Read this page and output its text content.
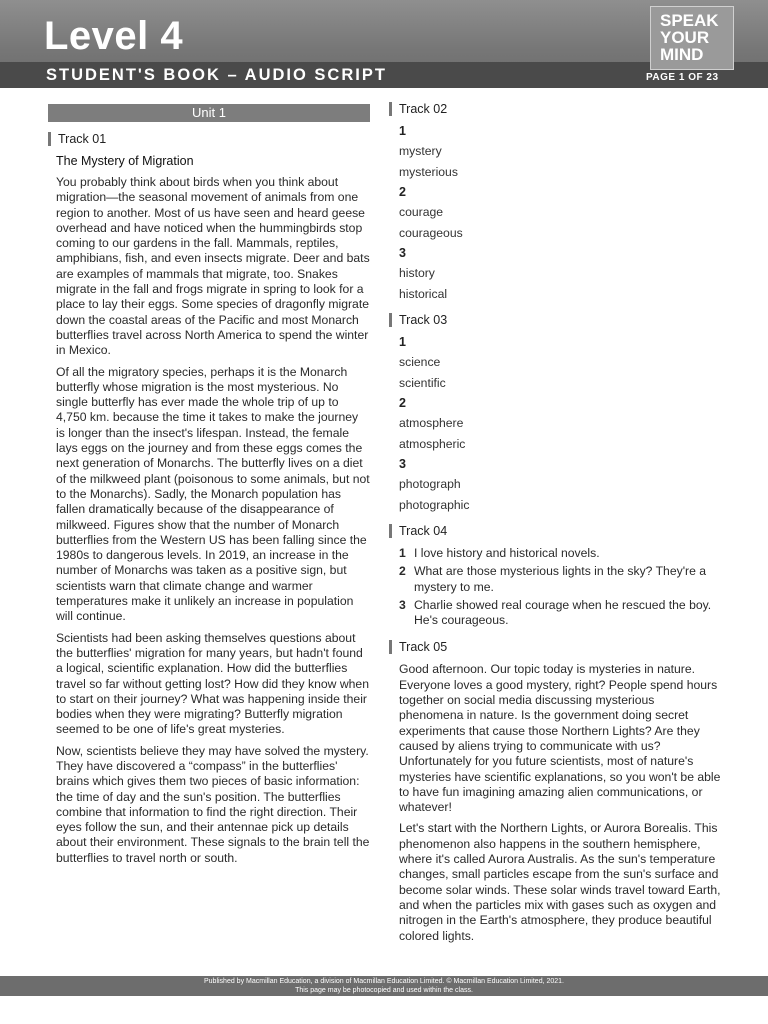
Level 4
STUDENT'S BOOK – AUDIO SCRIPT
SPEAK
YOUR
MIND
PAGE 1 OF 23
Unit 1
Track 01
The Mystery of Migration

You probably think about birds when you think about migration—the seasonal movement of animals from one region to another. Most of us have seen and heard geese overhead and have noticed when the hummingbirds stop coming to our gardens in the fall. Mammals, reptiles, amphibians, fish, and even insects migrate. Deer and bats are examples of mammals that migrate, too. Snakes migrate in the fall and frogs migrate in spring to look for a place to lay their eggs. Some species of dragonfly migrate down the coastal areas of the Pacific and most Monarch butterflies travel across North America to spend the winter in Mexico.

Of all the migratory species, perhaps it is the Monarch butterfly whose migration is the most mysterious. No single butterfly has ever made the whole trip of up to 4,750 km. because the time it takes to make the journey is longer than the insect's lifespan. Instead, the female lays eggs on the journey and from these eggs comes the next generation of Monarchs. The butterfly lives on a diet of the milkweed plant (poisonous to some animals, but not to the Monarchs). Sadly, the Monarch population has fallen dramatically because of the disappearance of milkweed. Figures show that the number of Monarch butterflies from the Western US has been falling since the 1980s to dangerous levels. In 2019, an increase in the number of Monarchs was taken as a positive sign, but scientists warn that climate change and warmer temperatures make it unlikely an increase in population will continue.

Scientists had been asking themselves questions about the butterflies' migration for many years, but hadn't found a logical, scientific explanation. How did the butterflies travel so far without getting lost? How did they know when to start on their journey? What was happening inside their bodies when they were migrating? Butterfly migration seemed to be one of life's great mysteries.

Now, scientists believe they may have solved the mystery. They have discovered a “compass” in the butterflies' brains which gives them two pieces of basic information: the time of day and the sun's position. The butterflies combine that information to find the right direction. Their eyes follow the sun, and their antennae pick up details about their environment. These signals to the brain tell the butterflies to travel north or south.

Track 02
1
mystery
mysterious
2
courage
courageous
3
history
historical
Track 03
1
science
scientific
2
atmosphere
atmospheric
3
photograph
photographic
Track 04
1 I love history and historical novels.
2 What are those mysterious lights in the sky? They're a mystery to me.
3 Charlie showed real courage when he rescued the boy. He's courageous.
Track 05

Good afternoon. Our topic today is mysteries in nature. Everyone loves a good mystery, right? People spend hours together on social media discussing mysterious phenomena in nature. Is the government doing secret experiments that cause those Northern Lights? Are they caused by aliens trying to communicate with us? Unfortunately for you future scientists, most of nature's mysteries have scientific explanations, so you won't be able to have fun imagining amazing alien communications, or whatever!

Let's start with the Northern Lights, or Aurora Borealis. This phenomenon also happens in the southern hemisphere, where it's called Aurora Australis. As the sun's temperature changes, small particles escape from the sun's surface and become solar winds. These solar winds travel toward Earth, and when the particles mix with gases such as oxygen and nitrogen in the Earth's atmosphere, they produce beautiful colored lights.

Published by Macmillan Education, a division of Macmillan Education Limited. © Macmillan Education Limited, 2021.
This page may be photocopied and used within the class.
